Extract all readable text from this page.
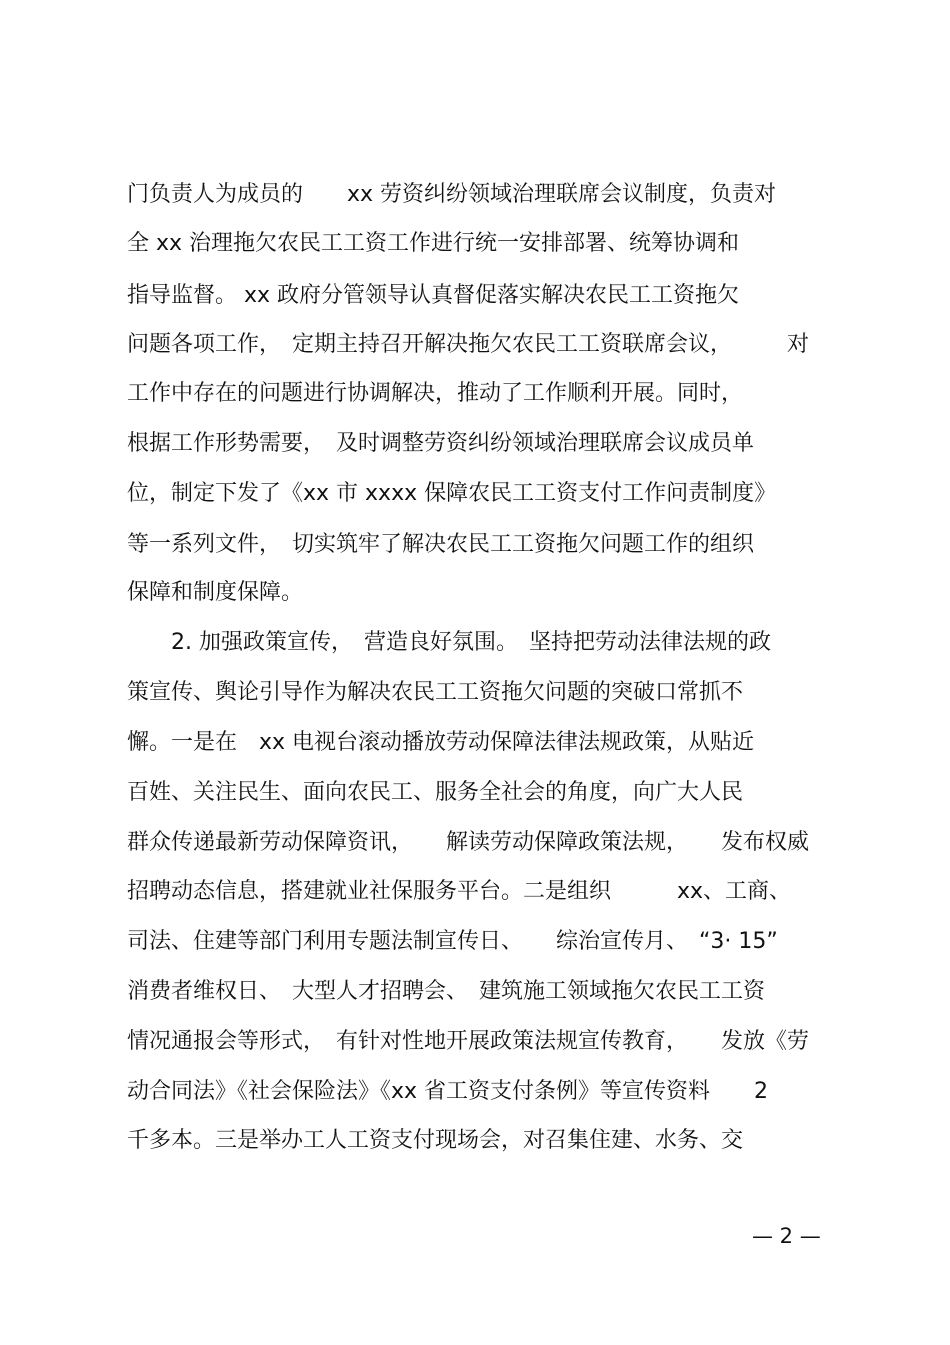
门负责人为成员的　　xx 劳资纠纷领域治理联席会议制度，负责对
全 xx 治理拖欠农民工工资工作进行统一安排部署、统筹协调和
指导监督。 xx 政府分管领导认真督促落实解决农民工工资拖欠
问题各项工作，　定期主持召开解决拖欠农民工工资联席会议，　　　对
工作中存在的问题进行协调解决，推动了工作顺利开展。同时，
根据工作形势需要，　及时调整劳资纠纷领域治理联席会议成员单
位，制定下发了《xx 市 xxxx 保障农民工工资支付工作问责制度》
等一系列文件，　切实筑牢了解决农民工工资拖欠问题工作的组织
保障和制度保障。
　　2. 加强政策宣传，　营造良好氛围。　坚持把劳动法律法规的政
策宣传、舆论引导作为解决农民工工资拖欠问题的突破口常抓不
懈。一是在　xx 电视台滚动播放劳动保障法律法规政策，从贴近
百姓、关注民生、面向农民工、服务全社会的角度，向广大人民
群众传递最新劳动保障资讯，　　解读劳动保障政策法规，　　发布权威
招聘动态信息，搭建就业社保服务平台。二是组织　　　xx、工商、
司法、住建等部门利用专题法制宣传日、　　综治宣传月、　“3· 15”
消费者维权日、　大型人才招聘会、　建筑施工领域拖欠农民工工资
情况通报会等形式，　有针对性地开展政策法规宣传教育，　　发放《劳
动合同法》《社会保险法》《xx 省工资支付条例》等宣传资料　　2
千多本。三是举办工人工资支付现场会，对召集住建、水务、交
— 2 —
